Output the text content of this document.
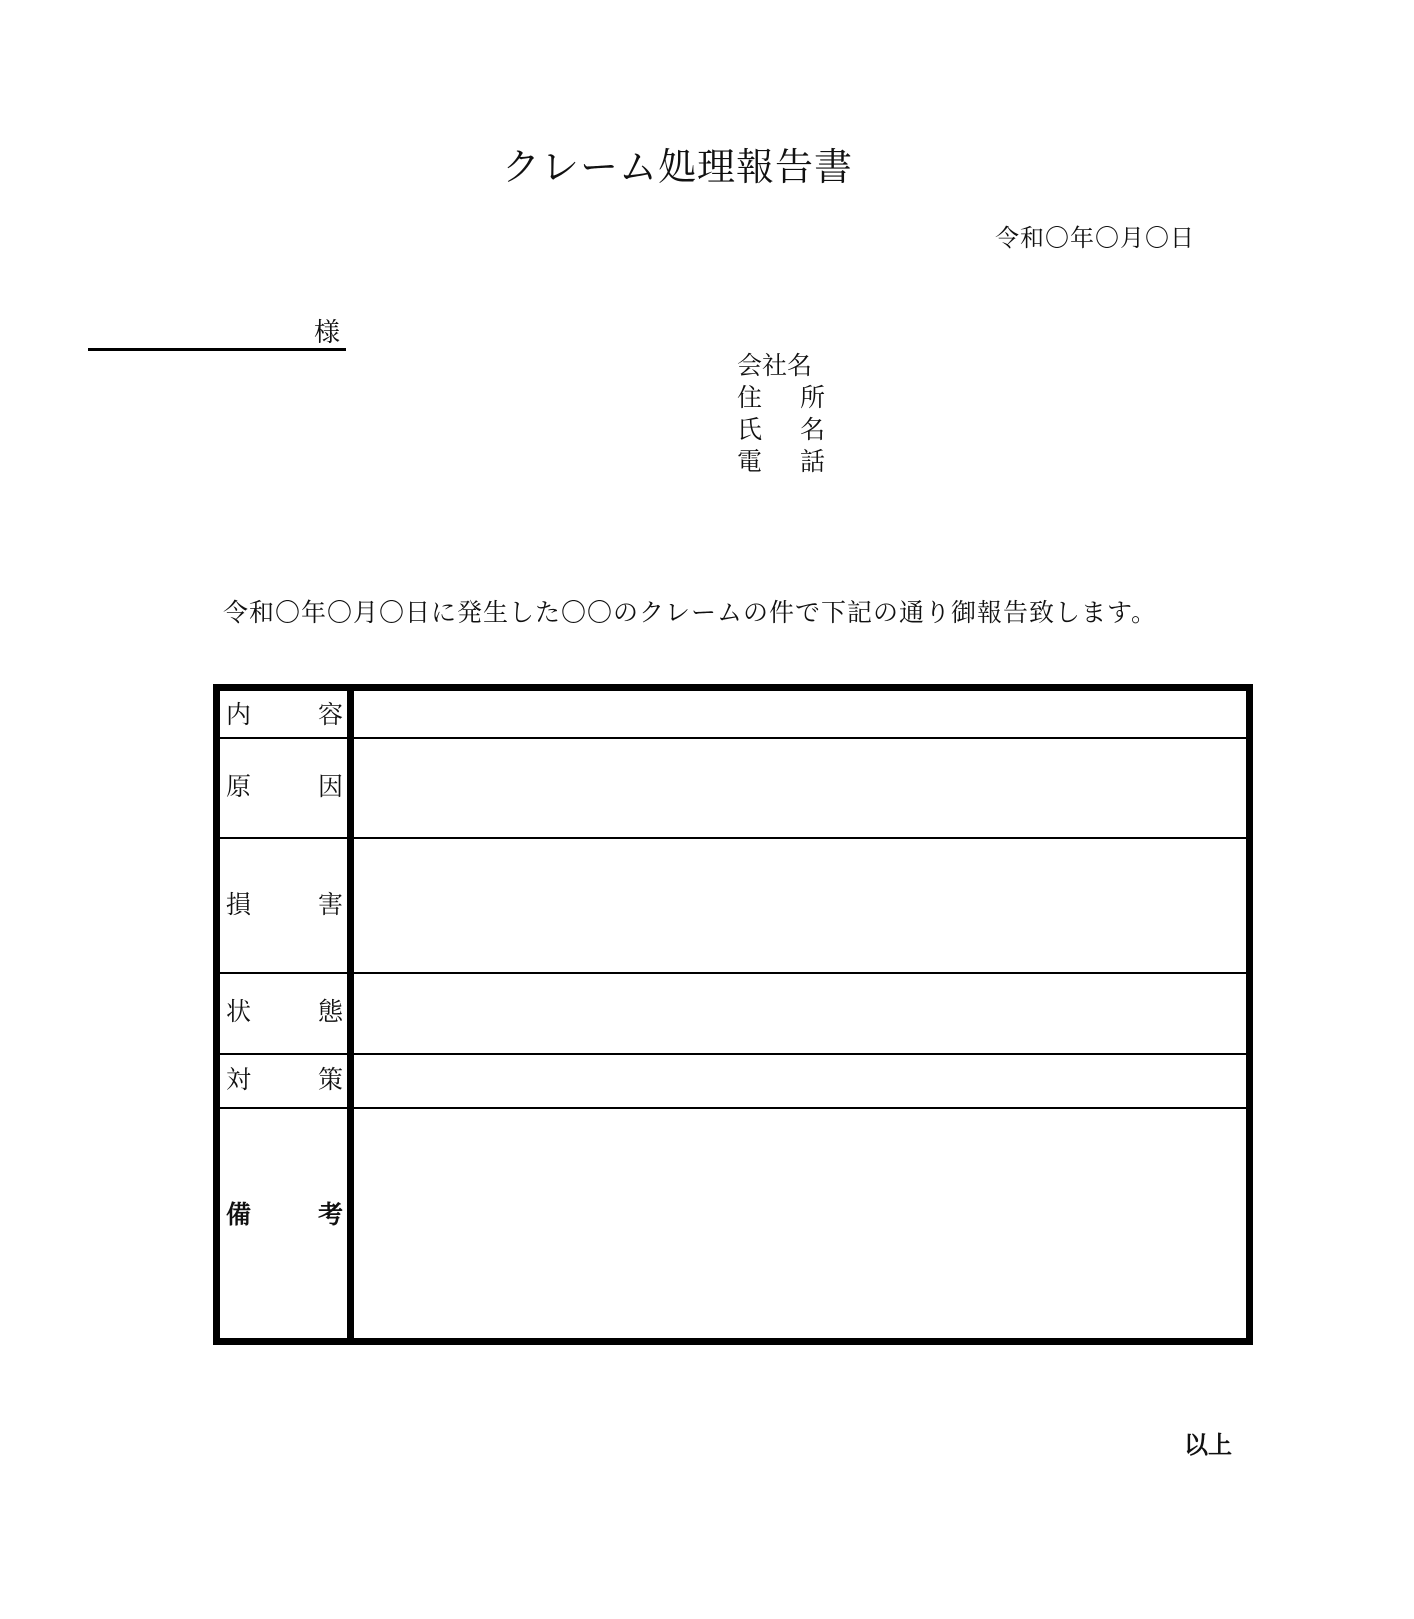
クレーム処理報告書
令和〇年〇月〇日
様
会社名
住 所
氏 名
電 話
令和〇年〇月〇日に発生した〇〇のクレームの件で下記の通り御報告致します。
内	容
原	因
損	害
状	態
対	策
備	考
以上
